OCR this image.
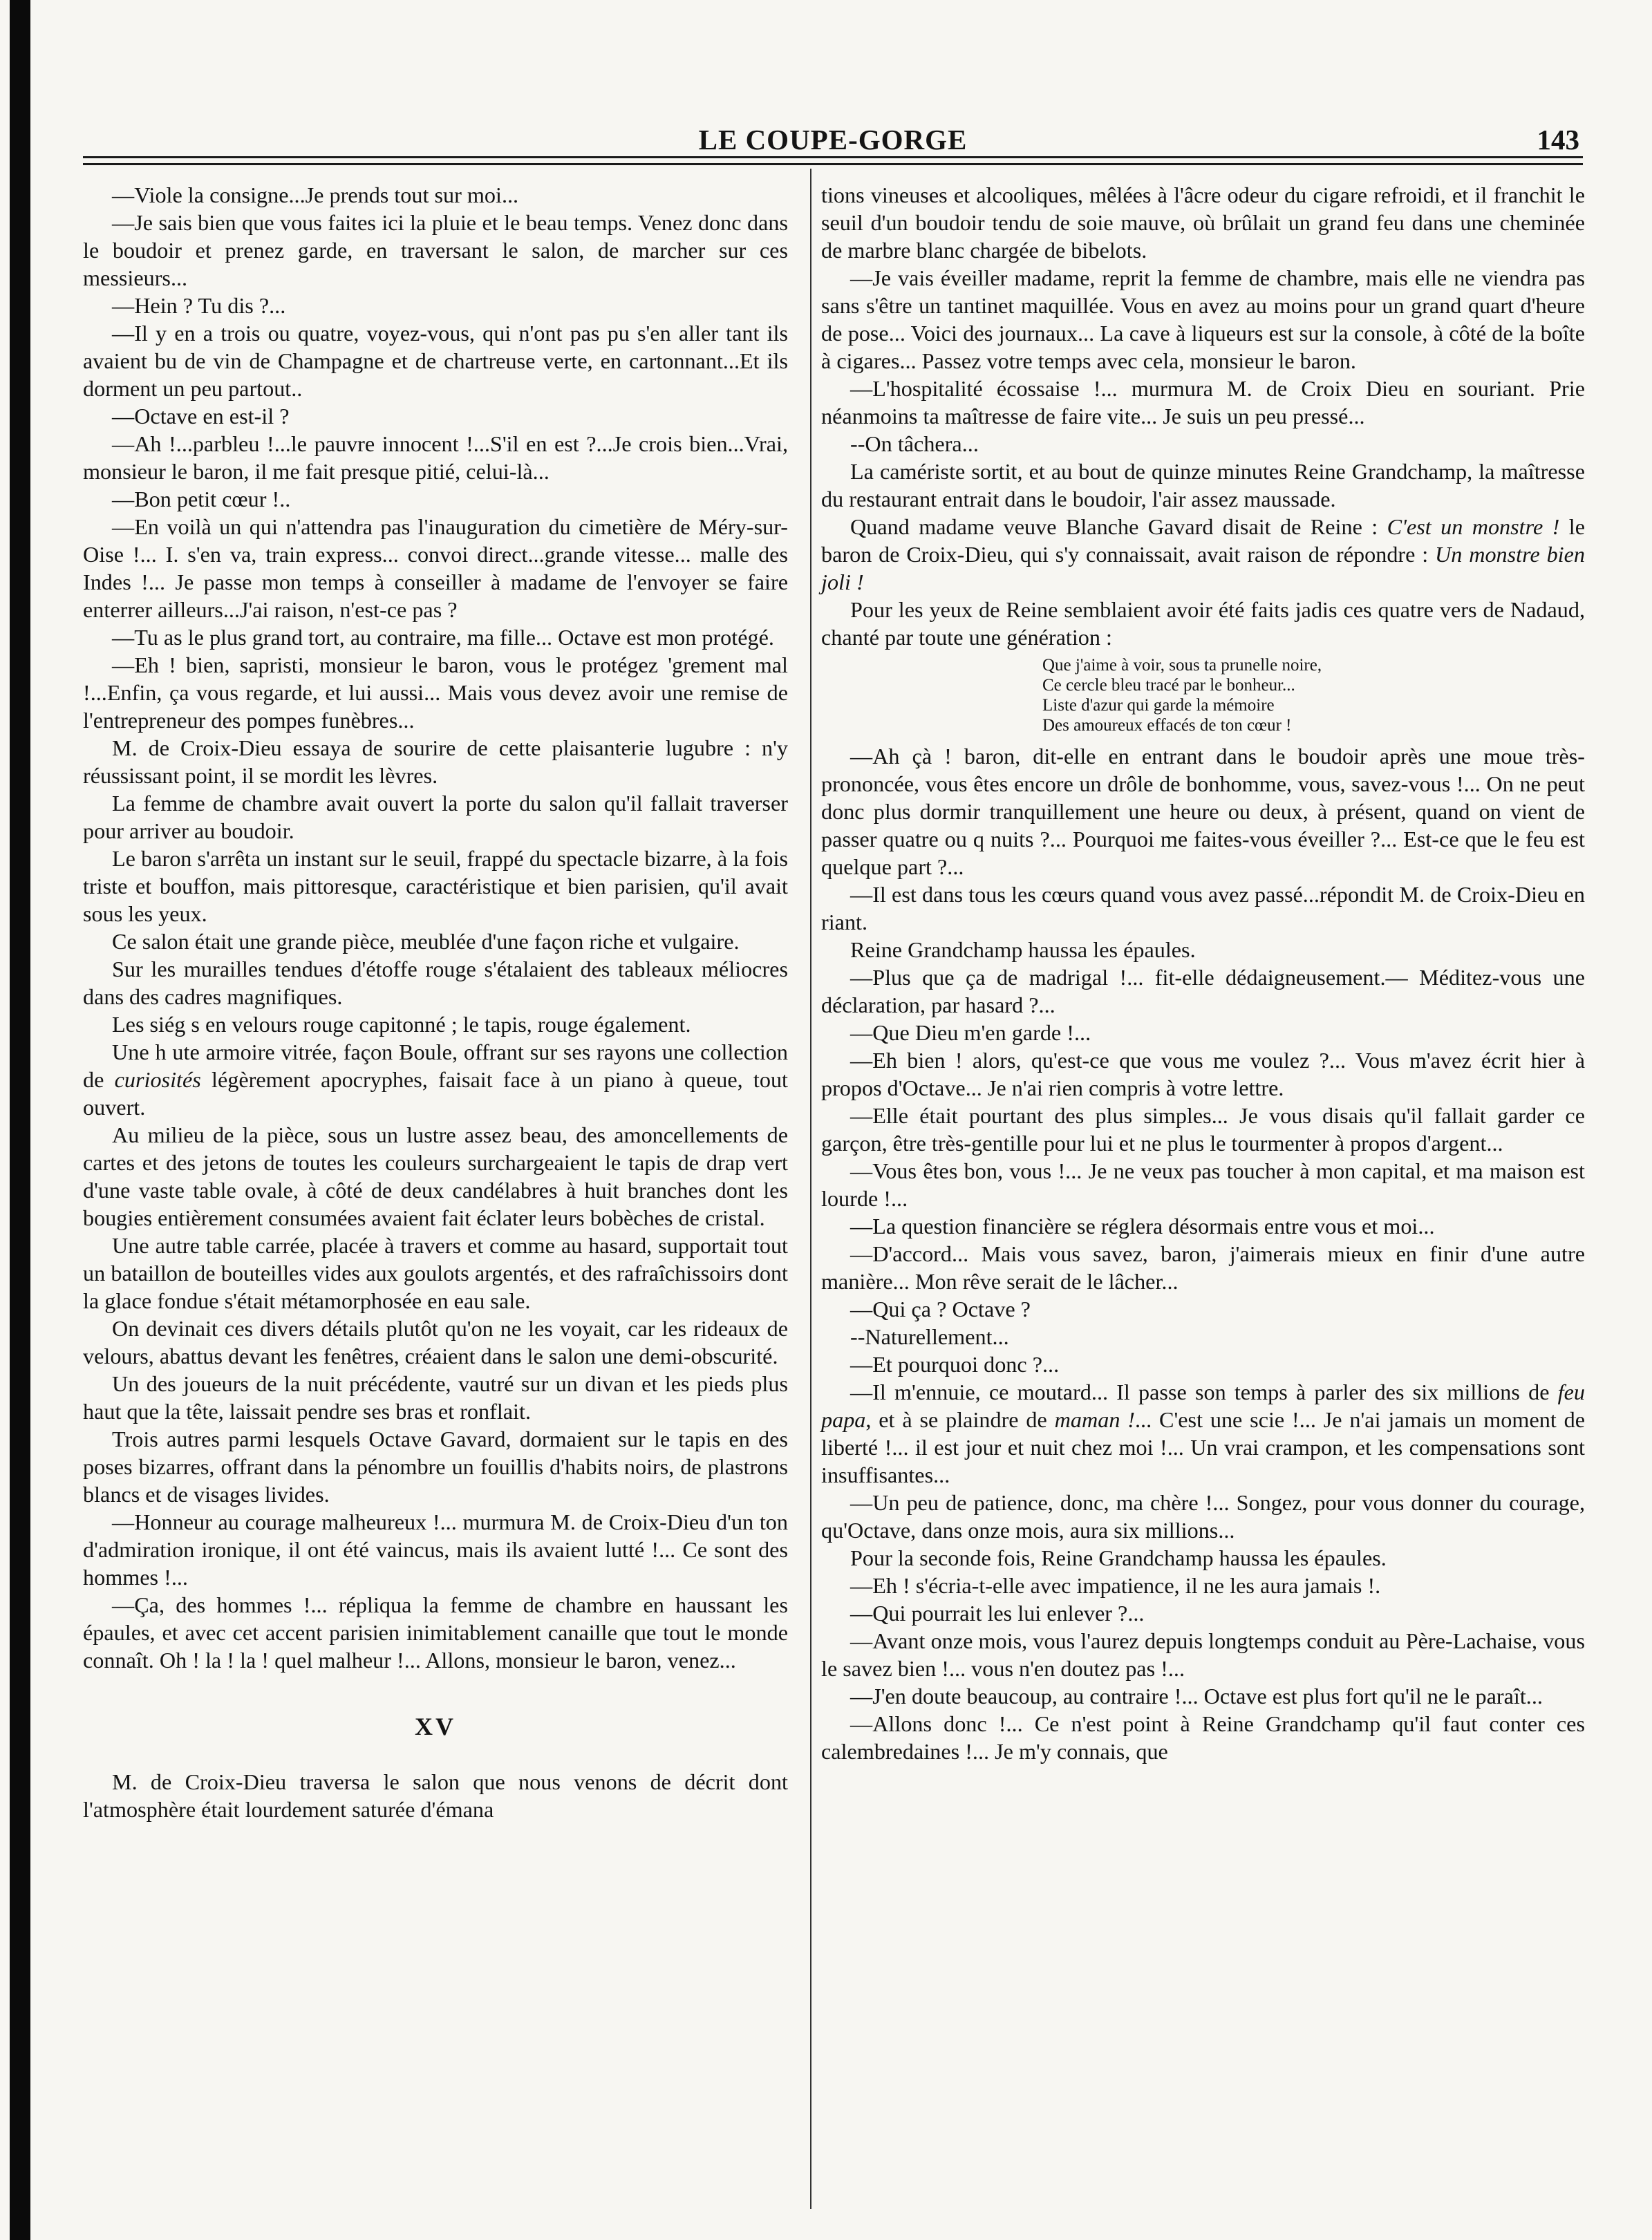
LE COUPE-GORGE	143

—Viole la consigne...Je prends tout sur moi...

—Je sais bien que vous faites ici la pluie et le beau temps. Venez donc dans le boudoir et prenez garde, en traversant le salon, de marcher sur ces messieurs...

—Hein ? Tu dis ?...

—Il y en a trois ou quatre, voyez-vous, qui n'ont pas pu s'en aller tant ils avaient bu de vin de Champagne et de chartreuse verte, en cartonnant...Et ils dorment un peu partout..

—Octave en est-il ?

—Ah !...parbleu !...le pauvre innocent !...S'il en est ?...Je crois bien...Vrai, monsieur le baron, il me fait presque pitié, celui-là...

—Bon petit cœur !..

—En voilà un qui n'attendra pas l'inauguration du cimetière de Méry-sur-Oise !... I. s'en va, train express... convoi direct...grande vitesse... malle des Indes !... Je passe mon temps à conseiller à madame de l'envoyer se faire enterrer ailleurs...J'ai raison, n'est-ce pas ?

—Tu as le plus grand tort, au contraire, ma fille... Octave est mon protégé.

—Eh ! bien, sapristi, monsieur le baron, vous le protégez 'grement mal !...Enfin, ça vous regarde, et lui aussi... Mais vous devez avoir une remise de l'entrepreneur des pompes funèbres...

M. de Croix-Dieu essaya de sourire de cette plaisanterie lugubre : n'y réussissant point, il se mordit les lèvres.

La femme de chambre avait ouvert la porte du salon qu'il fallait traverser pour arriver au boudoir.

Le baron s'arrêta un instant sur le seuil, frappé du spectacle bizarre, à la fois triste et bouffon, mais pittoresque, caractéristique et bien parisien, qu'il avait sous les yeux.

Ce salon était une grande pièce, meublée d'une façon riche et vulgaire.

Sur les murailles tendues d'étoffe rouge s'étalaient des tableaux méliocres dans des cadres magnifiques.

Les siég s en velours rouge capitonné ; le tapis, rouge également.

Une h ute armoire vitrée, façon Boule, offrant sur ses rayons une collection de curiosités légèrement apocryphes, faisait face à un piano à queue, tout ouvert.

Au milieu de la pièce, sous un lustre assez beau, des amoncellements de cartes et des jetons de toutes les couleurs surchargeaient le tapis de drap vert d'une vaste table ovale, à côté de deux candélabres à huit branches dont les bougies entièrement consumées avaient fait éclater leurs bobèches de cristal.

Une autre table carrée, placée à travers et comme au hasard, supportait tout un bataillon de bouteilles vides aux goulots argentés, et des rafraîchissoirs dont la glace fondue s'était métamorphosée en eau sale.

On devinait ces divers détails plutôt qu'on ne les voyait, car les rideaux de velours, abattus devant les fenêtres, créaient dans le salon une demi-obscurité.

Un des joueurs de la nuit précédente, vautré sur un divan et les pieds plus haut que la tête, laissait pendre ses bras et ronflait.

Trois autres parmi lesquels Octave Gavard, dormaient sur le tapis en des poses bizarres, offrant dans la pénombre un fouillis d'habits noirs, de plastrons blancs et de visages livides.

—Honneur au courage malheureux !... murmura M. de Croix-Dieu d'un ton d'admiration ironique, il ont été vaincus, mais ils avaient lutté !... Ce sont des hommes !...

—Ça, des hommes !... répliqua la femme de chambre en haussant les épaules, et avec cet accent parisien inimitablement canaille que tout le monde connaît. Oh ! la ! la ! quel malheur !... Allons, monsieur le baron, venez...

XV

M. de Croix-Dieu traversa le salon que nous venons de décrit dont l'atmosphère était lourdement saturée d'émana

tions vineuses et alcooliques, mêlées à l'âcre odeur du cigare refroidi, et il franchit le seuil d'un boudoir tendu de soie mauve, où brûlait un grand feu dans une cheminée de marbre blanc chargée de bibelots.

—Je vais éveiller madame, reprit la femme de chambre, mais elle ne viendra pas sans s'être un tantinet maquillée. Vous en avez au moins pour un grand quart d'heure de pose... Voici des journaux... La cave à liqueurs est sur la console, à côté de la boîte à cigares... Passez votre temps avec cela, monsieur le baron.

—L'hospitalité écossaise !... murmura M. de Croix Dieu en souriant. Prie néanmoins ta maîtresse de faire vite... Je suis un peu pressé...

--On tâchera...

La caméristе sortit, et au bout de quinze minutes Reine Grandchamp, la maîtresse du restaurant entrait dans le boudoir, l'air assez maussade.

Quand madame veuve Blanche Gavard disait de Reine : C'est un monstre ! le baron de Croix-Dieu, qui s'y connaissait, avait raison de répondre : Un monstre bien joli !

Pour les yeux de Reine semblaient avoir été faits jadis ces quatre vers de Nadaud, chanté par toute une génération :

Que j'aime à voir, sous ta prunelle noire,
Ce cercle bleu tracé par le bonheur...
Liste d'azur qui garde la mémoire
Des amoureux effacés de ton cœur !

—Ah çà ! baron, dit-elle en entrant dans le boudoir après une moue très-prononcée, vous êtes encore un drôle de bonhomme, vous, savez-vous !... On ne peut donc plus dormir tranquillement une heure ou deux, à présent, quand on vient de passer quatre ou q nuits ?... Pourquoi me faites-vous éveiller ?... Est-ce que le feu est quelque part ?...

—Il est dans tous les cœurs quand vous avez passé...répondit M. de Croix-Dieu en riant.

Reine Grandchamp haussa les épaules.

—Plus que ça de madrigal !... fit-elle dédaigneusement.— Méditez-vous une déclaration, par hasard ?...

—Que Dieu m'en garde !...

—Eh bien ! alors, qu'est-ce que vous me voulez ?... Vous m'avez écrit hier à propos d'Octave... Je n'ai rien compris à votre lettre.

—Elle était pourtant des plus simples... Je vous disais qu'il fallait garder ce garçon, être très-gentille pour lui et ne plus le tourmenter à propos d'argent...

—Vous êtes bon, vous !... Je ne veux pas toucher à mon capital, et ma maison est lourde !...

—La question financière se réglera désormais entre vous et moi...

—D'accord... Mais vous savez, baron, j'aimerais mieux en finir d'une autre manière... Mon rêve serait de le lâcher...

—Qui ça ? Octave ?

--Naturellement...

—Et pourquoi donc ?...

—Il m'ennuie, ce moutard... Il passe son temps à parler des six millions de feu papa, et à se plaindre de maman !... C'est une scie !... Je n'ai jamais un moment de liberté !... il est jour et nuit chez moi !... Un vrai crampon, et les compensations sont insuffisantes...

—Un peu de patience, donc, ma chère !... Songez, pour vous donner du courage, qu'Octave, dans onze mois, aura six millions...

Pour la seconde fois, Reine Grandchamp haussa les épaules.

—Eh ! s'écria-t-elle avec impatience, il ne les aura jamais !.

—Qui pourrait les lui enlever ?...

—Avant onze mois, vous l'aurez depuis longtemps conduit au Père-Lachaise, vous le savez bien !... vous n'en doutez pas !...

—J'en doute beaucoup, au contraire !... Octave est plus fort qu'il ne le paraît...

—Allons donc !... Ce n'est point à Reine Grandchamp qu'il faut conter ces calembredaines !... Je m'y connais, que
